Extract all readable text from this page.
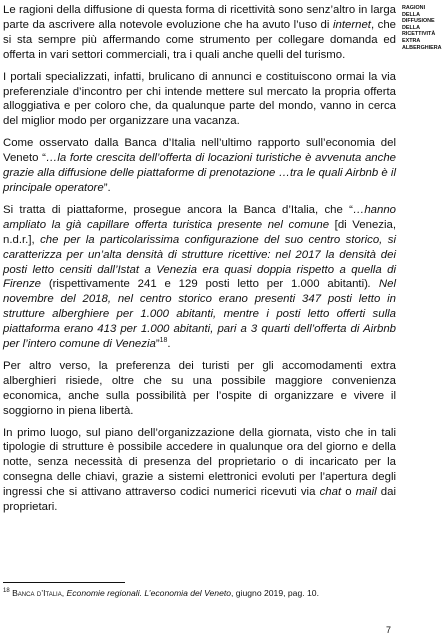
RAGIONI
DELLA
DIFFUSIONE
DELLA
RICETTIVITÀ
EXTRA
ALBERGHIERA

Le ragioni della diffusione di questa forma di ricettività sono senz’altro in larga parte da ascrivere alla notevole evoluzione che ha avuto l’uso di internet, che si sta sempre più affermando come strumento per collegare domanda ed offerta in vari settori commerciali, tra i quali anche quelli del turismo.

I portali specializzati, infatti, brulicano di annunci e costituiscono ormai la via preferenziale d’incontro per chi intende mettere sul mercato la propria offerta alloggiativa e per coloro che, da qualunque parte del mondo, vanno in cerca del miglior modo per organizzare una vacanza.

Come osservato dalla Banca d’Italia nell’ultimo rapporto sull’economia del Veneto “…la forte crescita dell’offerta di locazioni turistiche è avvenuta anche grazie alla diffusione delle piattaforme di prenotazione …tra le quali Airbnb è il principale operatore”.

Si tratta di piattaforme, prosegue ancora la Banca d’Italia, che “…hanno ampliato la già capillare offerta turistica presente nel comune [di Venezia, n.d.r.], che per la particolarissima configurazione del suo centro storico, si caratterizza per un’alta densità di strutture ricettive: nel 2017 la densità dei posti letto censiti dall’Istat a Venezia era quasi doppia rispetto a quella di Firenze (rispettivamente 241 e 129 posti letto per 1.000 abitanti). Nel novembre del 2018, nel centro storico erano presenti 347 posti letto in strutture alberghiere per 1.000 abitanti, mentre i posti letto offerti sulla piattaforma erano 413 per 1.000 abitanti, pari a 3 quarti dell’offerta di Airbnb per l’intero comune di Venezia”$^{18}$.

Per altro verso, la preferenza dei turisti per gli accomodamenti extra alberghieri risiede, oltre che su una possibile maggiore convenienza economica, anche sulla possibilità per l’ospite di organizzare e vivere il soggiorno in piena libertà.

In primo luogo, sul piano dell’organizzazione della giornata, visto che in tali tipologie di strutture è possibile accedere in qualunque ora del giorno e della notte, senza necessità di presenza del proprietario o di incaricato per la consegna delle chiavi, grazie a sistemi elettronici evoluti per l’apertura degli ingressi che si attivano attraverso codici numerici ricevuti via chat o mail dai proprietari.

$^{18}$ Banca d’Italia, Economie regionali. L’economia del Veneto, giugno 2019, pag. 10.
7
